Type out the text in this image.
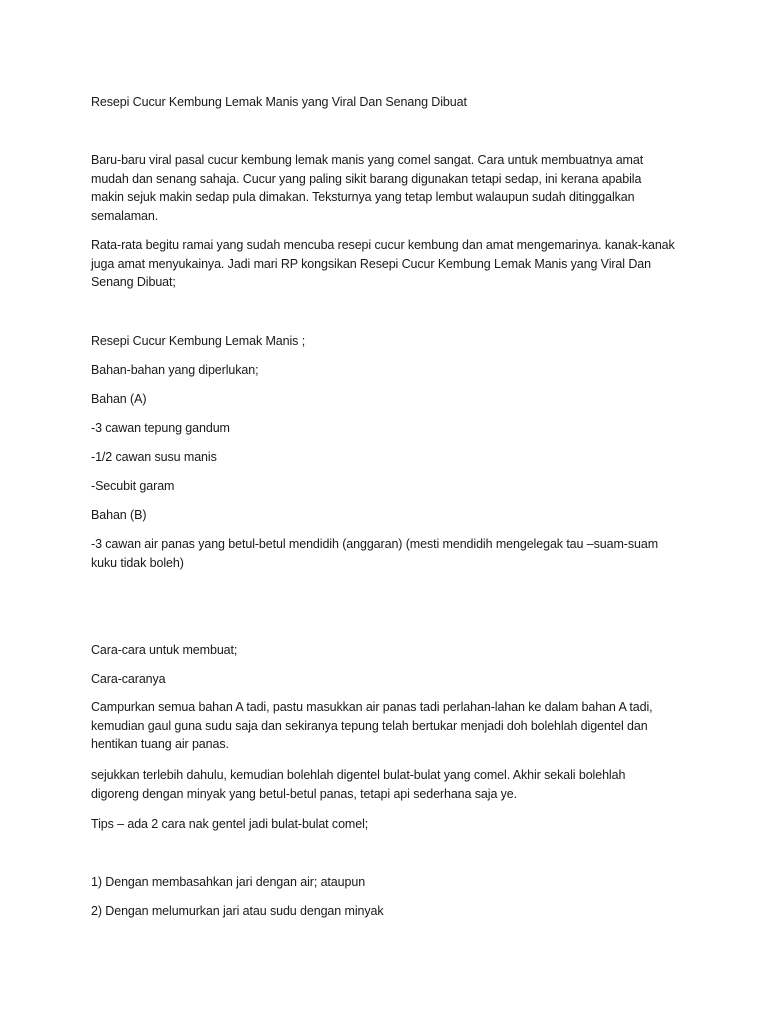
Resepi Cucur Kembung Lemak Manis yang Viral Dan Senang Dibuat

Baru-baru viral pasal cucur kembung lemak manis yang comel sangat. Cara untuk membuatnya amat mudah dan senang sahaja. Cucur yang paling sikit barang digunakan tetapi sedap, ini kerana apabila makin sejuk makin sedap pula dimakan. Teksturnya yang tetap lembut walaupun sudah ditinggalkan semalaman.

Rata-rata begitu ramai yang sudah mencuba resepi cucur kembung dan amat mengemarinya. kanak-kanak juga amat menyukainya. Jadi mari RP kongsikan Resepi Cucur Kembung Lemak Manis yang Viral Dan Senang Dibuat;

Resepi Cucur Kembung Lemak Manis ;

Bahan-bahan yang diperlukan;

Bahan (A)

-3 cawan tepung gandum

-1/2 cawan susu manis

-Secubit garam

Bahan (B)

-3 cawan air panas yang betul-betul mendidih (anggaran) (mesti mendidih mengelegak tau –suam-suam kuku tidak boleh)

Cara-cara untuk membuat;

Cara-caranya

Campurkan semua bahan A tadi, pastu masukkan air panas tadi perlahan-lahan ke dalam bahan A tadi, kemudian gaul guna sudu saja dan sekiranya tepung telah bertukar menjadi doh bolehlah digentel dan hentikan tuang air panas.

sejukkan terlebih dahulu, kemudian bolehlah digentel bulat-bulat yang comel. Akhir sekali bolehlah digoreng dengan minyak yang betul-betul panas, tetapi api sederhana saja ye.

Tips – ada 2 cara nak gentel jadi bulat-bulat comel;

1) Dengan membasahkan jari dengan air; ataupun

2) Dengan melumurkan jari atau sudu dengan minyak
